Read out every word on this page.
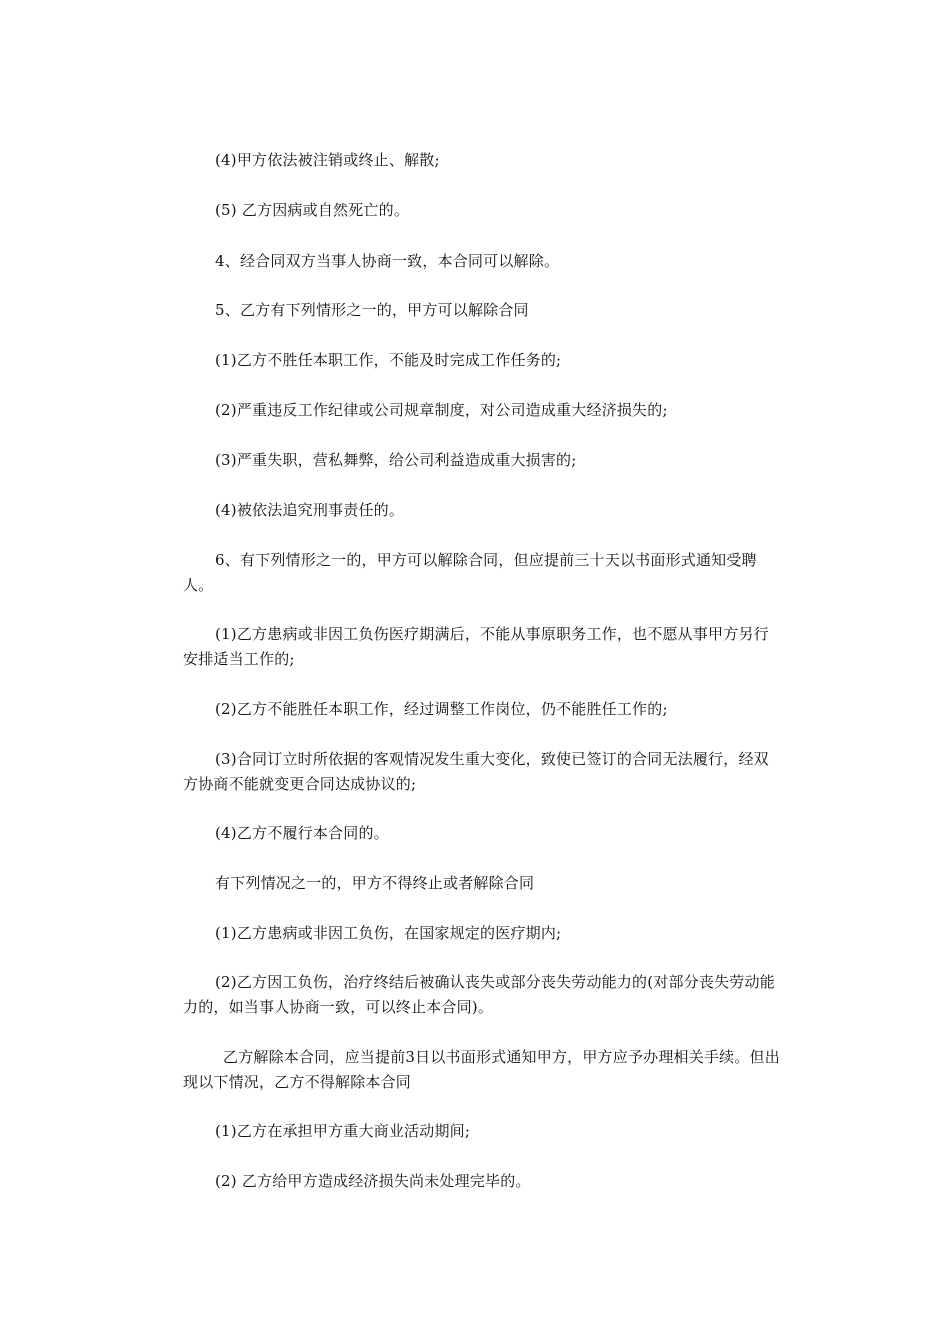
(4)甲方依法被注销或终止、解散;

(5) 乙方因病或自然死亡的。

4、经合同双方当事人协商一致，本合同可以解除。

5、乙方有下列情形之一的，甲方可以解除合同

(1)乙方不胜任本职工作，不能及时完成工作任务的;

(2)严重违反工作纪律或公司规章制度，对公司造成重大经济损失的;

(3)严重失职，营私舞弊，给公司利益造成重大损害的;

(4)被依法追究刑事责任的。

6、有下列情形之一的，甲方可以解除合同，但应提前三十天以书面形式通知受聘人。

(1)乙方患病或非因工负伤医疗期满后，不能从事原职务工作，也不愿从事甲方另行安排适当工作的;

(2)乙方不能胜任本职工作，经过调整工作岗位，仍不能胜任工作的;

(3)合同订立时所依据的客观情况发生重大变化，致使已签订的合同无法履行，经双方协商不能就变更合同达成协议的;

(4)乙方不履行本合同的。

有下列情况之一的，甲方不得终止或者解除合同

(1)乙方患病或非因工负伤，在国家规定的医疗期内;

(2)乙方因工负伤，治疗终结后被确认丧失或部分丧失劳动能力的(对部分丧失劳动能力的，如当事人协商一致，可以终止本合同)。

乙方解除本合同，应当提前3日以书面形式通知甲方，甲方应予办理相关手续。但出现以下情况，乙方不得解除本合同

(1)乙方在承担甲方重大商业活动期间;

(2) 乙方给甲方造成经济损失尚未处理完毕的。
